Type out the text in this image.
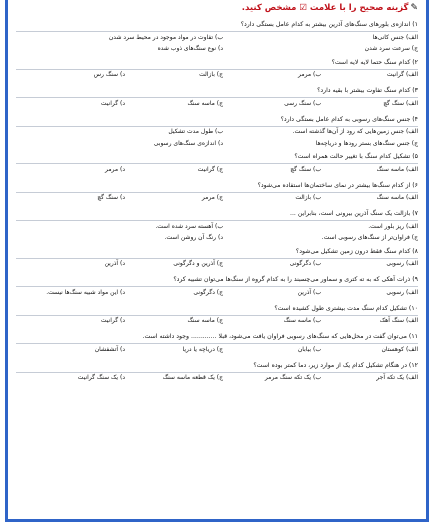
✎گزینه صحیح را با علامت ☑ مشخص کنید.
۱) اندازه‌ی بلورهای سنگ‌های آذرین بیشتر به کدام عامل بستگی دارد؟
الف) جنس کانی‌ها
ب) تفاوت در مواد موجود در محیط سرد شدن
ج) سرعت سرد شدن
د) نوع سنگ‌های ذوب شده
۲) کدام سنگ حتما لایه لایه است؟
الف) گرانیت
ب) مرمر
ج) بازالت
د) سنگ رس
۳) کدام سنگ تفاوت بیشتر با بقیه دارد؟
الف) سنگ گچ
ب) سنگ رسی
ج) ماسه سنگ
د) گرانیت
۴) جنس سنگ‌های رسوبی به کدام عامل بستگی دارد؟
الف) جنس زمین‌هایی که رود از آن‌ها گذشته است.
ب) طول مدت تشکیل
ج) جنس سنگ‌های بستر رودها و دریاچه‌ها
د) اندازه‌ی سنگ‌های رسوبی
۵) تشکیل کدام سنگ با تغییر حالت همراه است؟
الف) ماسه سنگ
ب) سنگ گچ
ج) گرانیت
د) مرمر
۶) از کدام سنگ‌ها بیشتر در نمای ساختمان‌ها استفاده می‌شود؟
الف) ماسه سنگ
ب) بازالت
ج) مرمر
د) سنگ گچ
۷) بازالت یک سنگ آذرین بیرونی است، بنابراین ...
الف) ریز بلور است.
ب) آهسته سرد شده است.
ج) فراوان‌تر از سنگ‌های رسوبی است.
د) رنگ آن روشن است.
۸) کدام سنگ فقط درون زمین تشکیل می‌شود؟
الف) رسوبی
ب) دگرگونی
ج) آذرین و دگرگونی
د) آذرین
۹) ذرات آهکی که به ته کتری و سماور می‌چسبند را به کدام گروه از سنگ‌ها می‌توان تشبیه کرد؟
الف) رسوبی
ب) آذرین
ج) دگرگونی
د) این مواد شبیه سنگ‌ها نیست.
۱۰) تشکیل کدام سنگ مدت بیشتری طول کشیده است؟
الف) سنگ آهک
ب) ماسه سنگ
ج) ماسه سنگ
د) گرانیت
۱۱) می‌توان گفت در محل‌هایی که سنگ‌های رسوبی فراوان یافت می‌شود، قبلا ............. وجود داشته است.
الف) کوهستان
ب) بیابان
ج) دریاچه یا دریا
د) آتشفشان
۱۲) در هنگام تشکیل کدام یک از موارد زیر، دما کمتر بوده است؟
الف) یک تکه آجر
ب) یک تکه سنگ مرمر
ج) یک قطعه ماسه سنگ
د) یک سنگ گرانیت
